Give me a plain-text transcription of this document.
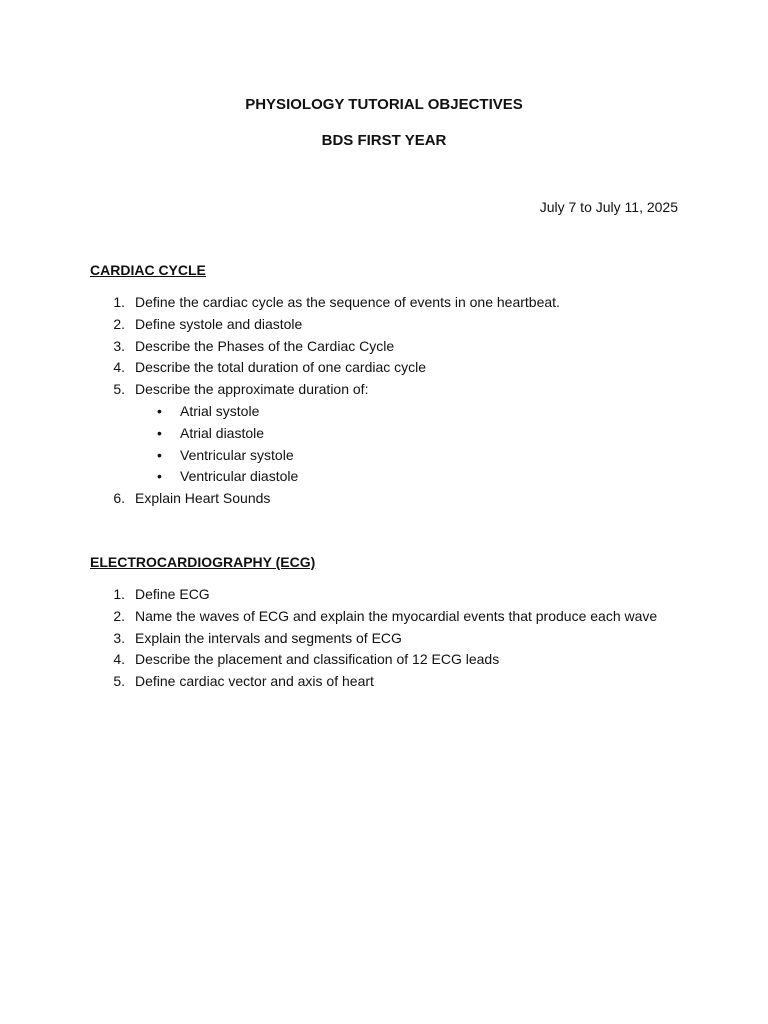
PHYSIOLOGY TUTORIAL OBJECTIVES
BDS FIRST YEAR
July 7 to July 11, 2025
CARDIAC CYCLE
1. Define the cardiac cycle as the sequence of events in one heartbeat.
2. Define systole and diastole
3. Describe the Phases of the Cardiac Cycle
4. Describe the total duration of one cardiac cycle
5. Describe the approximate duration of:
• Atrial systole
• Atrial diastole
• Ventricular systole
• Ventricular diastole
6. Explain Heart Sounds
ELECTROCARDIOGRAPHY (ECG)
1. Define ECG
2. Name the waves of ECG and explain the myocardial events that produce each wave
3. Explain the intervals and segments of ECG
4. Describe the placement and classification of 12 ECG leads
5. Define cardiac vector and axis of heart
